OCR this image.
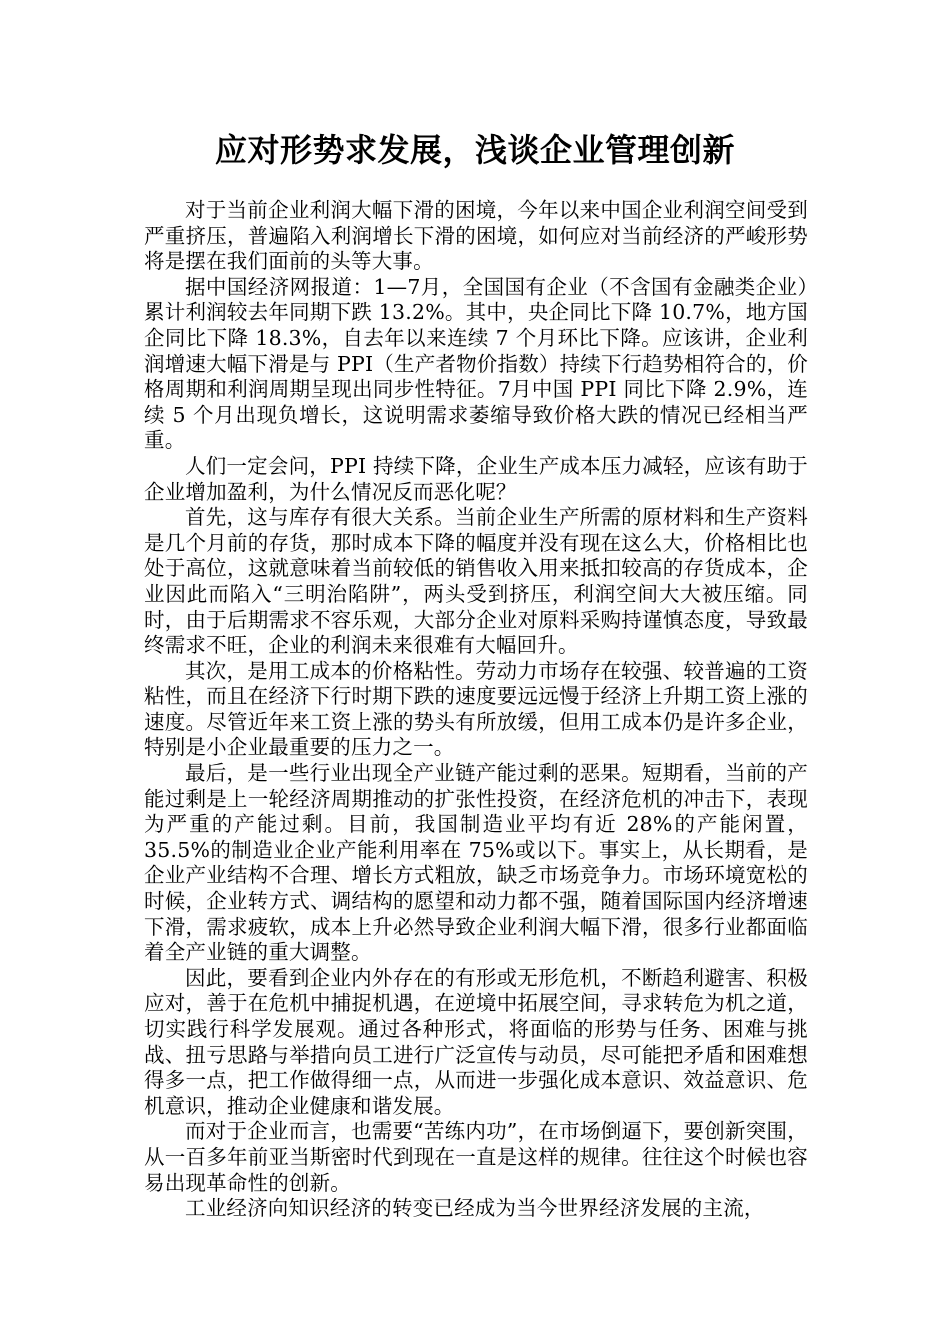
应对形势求发展，浅谈企业管理创新

对于当前企业利润大幅下滑的困境，今年以来中国企业利润空间受到严重挤压，普遍陷入利润增长下滑的困境，如何应对当前经济的严峻形势将是摆在我们面前的头等大事。

据中国经济网报道：1—7月，全国国有企业（不含国有金融类企业）累计利润较去年同期下跌 13.2%。其中，央企同比下降 10.7%，地方国企同比下降 18.3%，自去年以来连续 7 个月环比下降。应该讲，企业利润增速大幅下滑是与 PPI（生产者物价指数）持续下行趋势相符合的，价格周期和利润周期呈现出同步性特征。7月中国 PPI 同比下降 2.9%，连续 5 个月出现负增长，这说明需求萎缩导致价格大跌的情况已经相当严重。

人们一定会问，PPI 持续下降，企业生产成本压力减轻，应该有助于企业增加盈利，为什么情况反而恶化呢？

首先，这与库存有很大关系。当前企业生产所需的原材料和生产资料是几个月前的存货，那时成本下降的幅度并没有现在这么大，价格相比也处于高位，这就意味着当前较低的销售收入用来抵扣较高的存货成本，企业因此而陷入“三明治陷阱”，两头受到挤压，利润空间大大被压缩。同时，由于后期需求不容乐观，大部分企业对原料采购持谨慎态度，导致最终需求不旺，企业的利润未来很难有大幅回升。

其次，是用工成本的价格粘性。劳动力市场存在较强、较普遍的工资粘性，而且在经济下行时期下跌的速度要远远慢于经济上升期工资上涨的速度。尽管近年来工资上涨的势头有所放缓，但用工成本仍是许多企业，特别是小企业最重要的压力之一。

最后，是一些行业出现全产业链产能过剩的恶果。短期看，当前的产能过剩是上一轮经济周期推动的扩张性投资，在经济危机的冲击下，表现为严重的产能过剩。目前，我国制造业平均有近 28%的产能闲置，35.5%的制造业企业产能利用率在 75%或以下。事实上，从长期看，是企业产业结构不合理、增长方式粗放，缺乏市场竞争力。市场环境宽松的时候，企业转方式、调结构的愿望和动力都不强，随着国际国内经济增速下滑，需求疲软，成本上升必然导致企业利润大幅下滑，很多行业都面临着全产业链的重大调整。

因此，要看到企业内外存在的有形或无形危机，不断趋利避害、积极应对，善于在危机中捕捉机遇，在逆境中拓展空间，寻求转危为机之道，切实践行科学发展观。通过各种形式，将面临的形势与任务、困难与挑战、扭亏思路与举措向员工进行广泛宣传与动员，尽可能把矛盾和困难想得多一点，把工作做得细一点，从而进一步强化成本意识、效益意识、危机意识，推动企业健康和谐发展。

而对于企业而言，也需要“苦练内功”，在市场倒逼下，要创新突围，从一百多年前亚当斯密时代到现在一直是这样的规律。往往这个时候也容易出现革命性的创新。

工业经济向知识经济的转变已经成为当今世界经济发展的主流，
